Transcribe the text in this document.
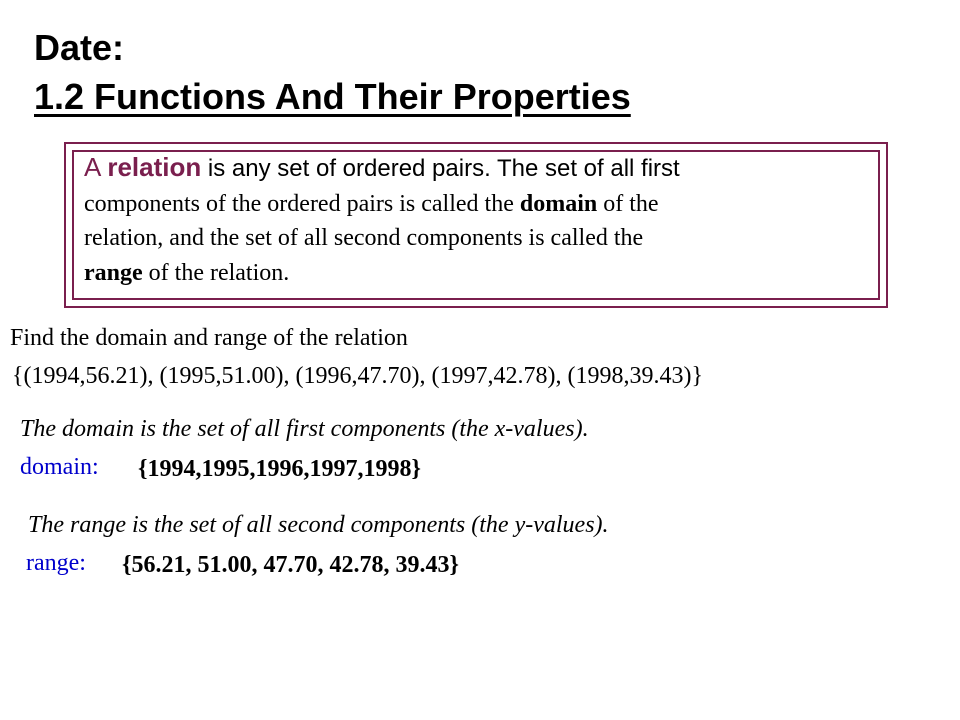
Date:
1.2 Functions And Their Properties
A relation is any set of ordered pairs. The set of all first
components of the ordered pairs is called the domain of the
relation, and the set of all second components is called the
range of the relation.
Find the domain and range of the relation
{(1994,56.21), (1995,51.00), (1996,47.70), (1997,42.78), (1998,39.43)}
The domain is the set of all first components (the x-values).
domain: {1994,1995,1996,1997,1998}
The range is the set of all second components (the y-values).
range: {56.21, 51.00, 47.70, 42.78, 39.43}
